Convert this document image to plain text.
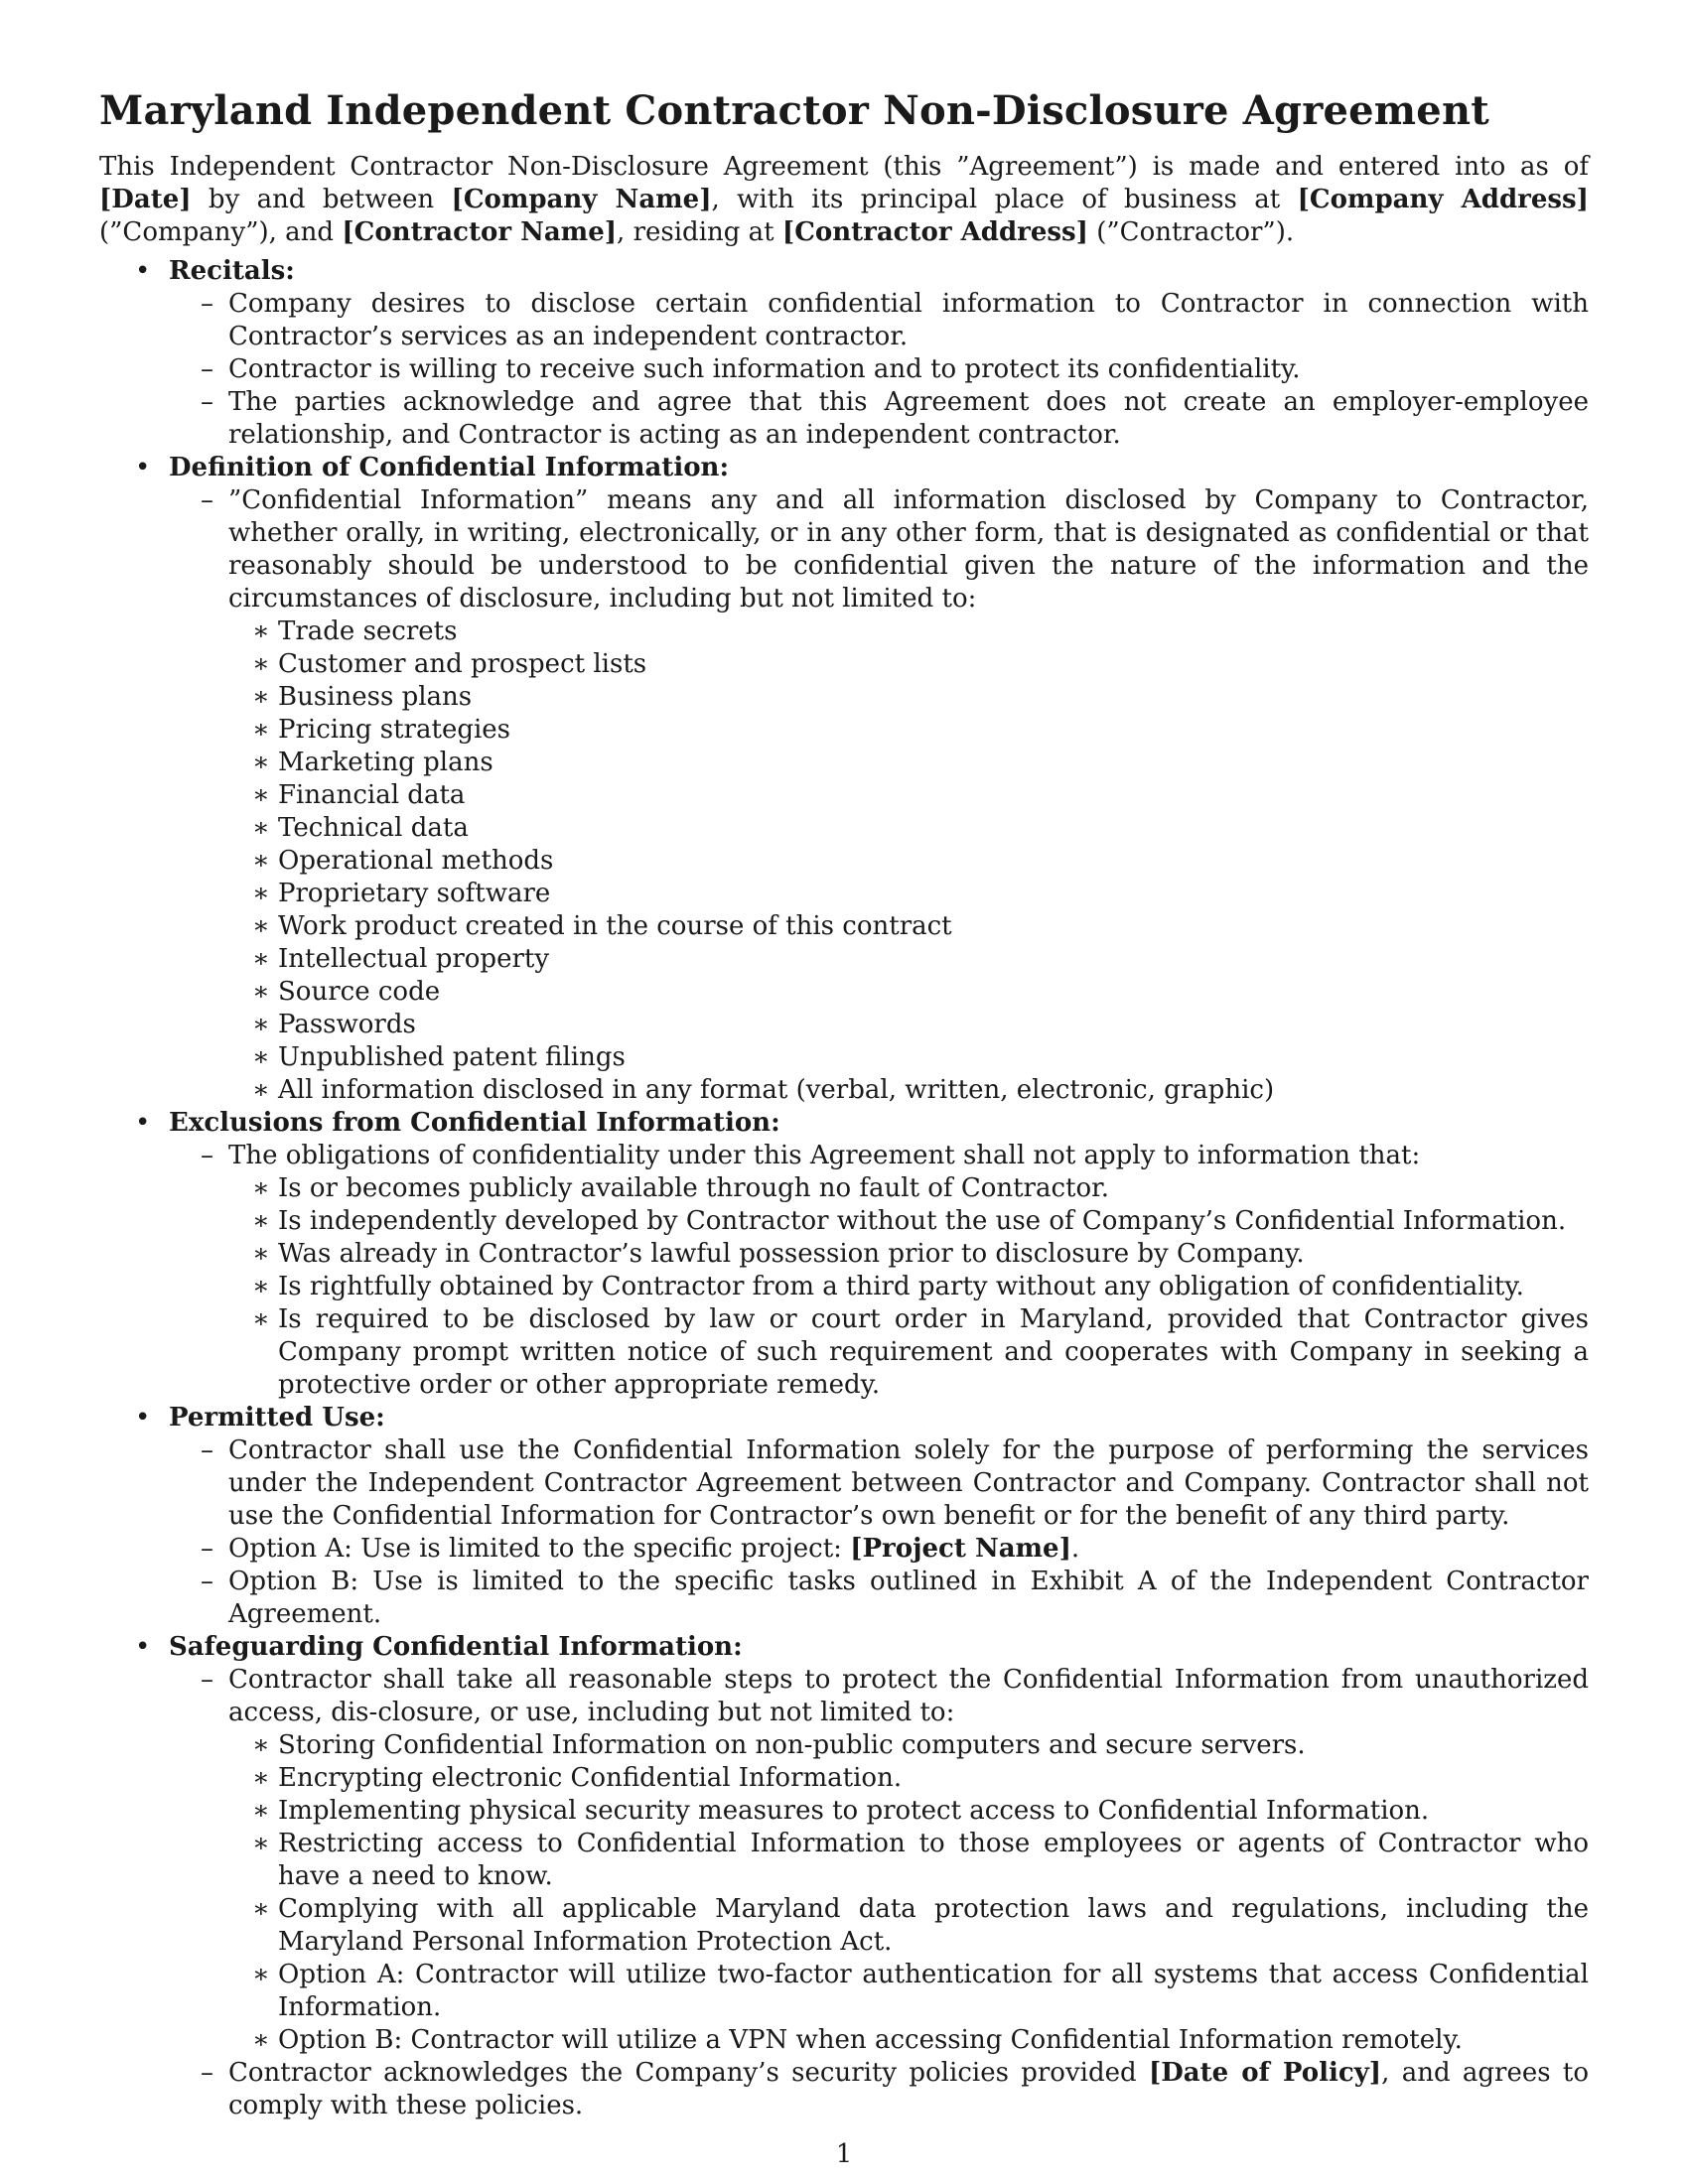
Maryland Independent Contractor Non-Disclosure Agreement

This Independent Contractor Non-Disclosure Agreement (this ”Agreement”) is made and entered into as of [Date] by and between [Company Name], with its principal place of business at [Company Address] (”Company”), and [Contractor Name], residing at [Contractor Address] (”Contractor”).

• Recitals:
– Company desires to disclose certain confidential information to Contractor in connection with Contractor’s services as an independent contractor.
– Contractor is willing to receive such information and to protect its confidentiality.
– The parties acknowledge and agree that this Agreement does not create an employer-employee relationship, and Contractor is acting as an independent contractor.
• Definition of Confidential Information:
– ”Confidential Information” means any and all information disclosed by Company to Contractor, whether orally, in writing, electronically, or in any other form, that is designated as confidential or that reasonably should be understood to be confidential given the nature of the information and the circumstances of disclosure, including but not limited to:
∗ Trade secrets
∗ Customer and prospect lists
∗ Business plans
∗ Pricing strategies
∗ Marketing plans
∗ Financial data
∗ Technical data
∗ Operational methods
∗ Proprietary software
∗ Work product created in the course of this contract
∗ Intellectual property
∗ Source code
∗ Passwords
∗ Unpublished patent filings
∗ All information disclosed in any format (verbal, written, electronic, graphic)
• Exclusions from Confidential Information:
– The obligations of confidentiality under this Agreement shall not apply to information that:
∗ Is or becomes publicly available through no fault of Contractor.
∗ Is independently developed by Contractor without the use of Company’s Confidential Information.
∗ Was already in Contractor’s lawful possession prior to disclosure by Company.
∗ Is rightfully obtained by Contractor from a third party without any obligation of confidentiality.
∗ Is required to be disclosed by law or court order in Maryland, provided that Contractor gives Company prompt written notice of such requirement and cooperates with Company in seeking a protective order or other appropriate remedy.
• Permitted Use:
– Contractor shall use the Confidential Information solely for the purpose of performing the services under the Independent Contractor Agreement between Contractor and Company. Contractor shall not use the Confidential Information for Contractor’s own benefit or for the benefit of any third party.
– Option A: Use is limited to the specific project: [Project Name].
– Option B: Use is limited to the specific tasks outlined in Exhibit A of the Independent Contractor Agreement.
• Safeguarding Confidential Information:
– Contractor shall take all reasonable steps to protect the Confidential Information from unauthorized access, dis-closure, or use, including but not limited to:
∗ Storing Confidential Information on non-public computers and secure servers.
∗ Encrypting electronic Confidential Information.
∗ Implementing physical security measures to protect access to Confidential Information.
∗ Restricting access to Confidential Information to those employees or agents of Contractor who have a need to know.
∗ Complying with all applicable Maryland data protection laws and regulations, including the Maryland Personal Information Protection Act.
∗ Option A: Contractor will utilize two-factor authentication for all systems that access Confidential Information.
∗ Option B: Contractor will utilize a VPN when accessing Confidential Information remotely.
– Contractor acknowledges the Company’s security policies provided [Date of Policy], and agrees to comply with these policies.
1
